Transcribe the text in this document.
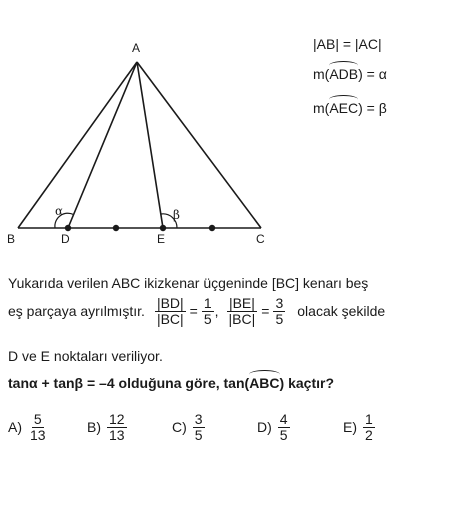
A
B	D	E	C
α	β
|AB| = |AC|
m(ADB) = α
m(AEC) = β
Yukarıda verilen ABC ikizkenar üçgeninde [BC] kenarı beş
eş parçaya ayrılmıştır. $\frac{|BD|}{|BC|} = \frac{1}{5}$ , $\frac{|BE|}{|BC|} = \frac{3}{5}$ olacak şekilde
D ve E noktaları veriliyor.
tanα + tanβ = –4 olduğuna göre, tan(ABC) kaçtır?
$A) \frac{5}{13}$	$B) \frac{12}{13}$	$C) \frac{3}{5}$	$D) \frac{4}{5}$	$E) \frac{1}{2}$
